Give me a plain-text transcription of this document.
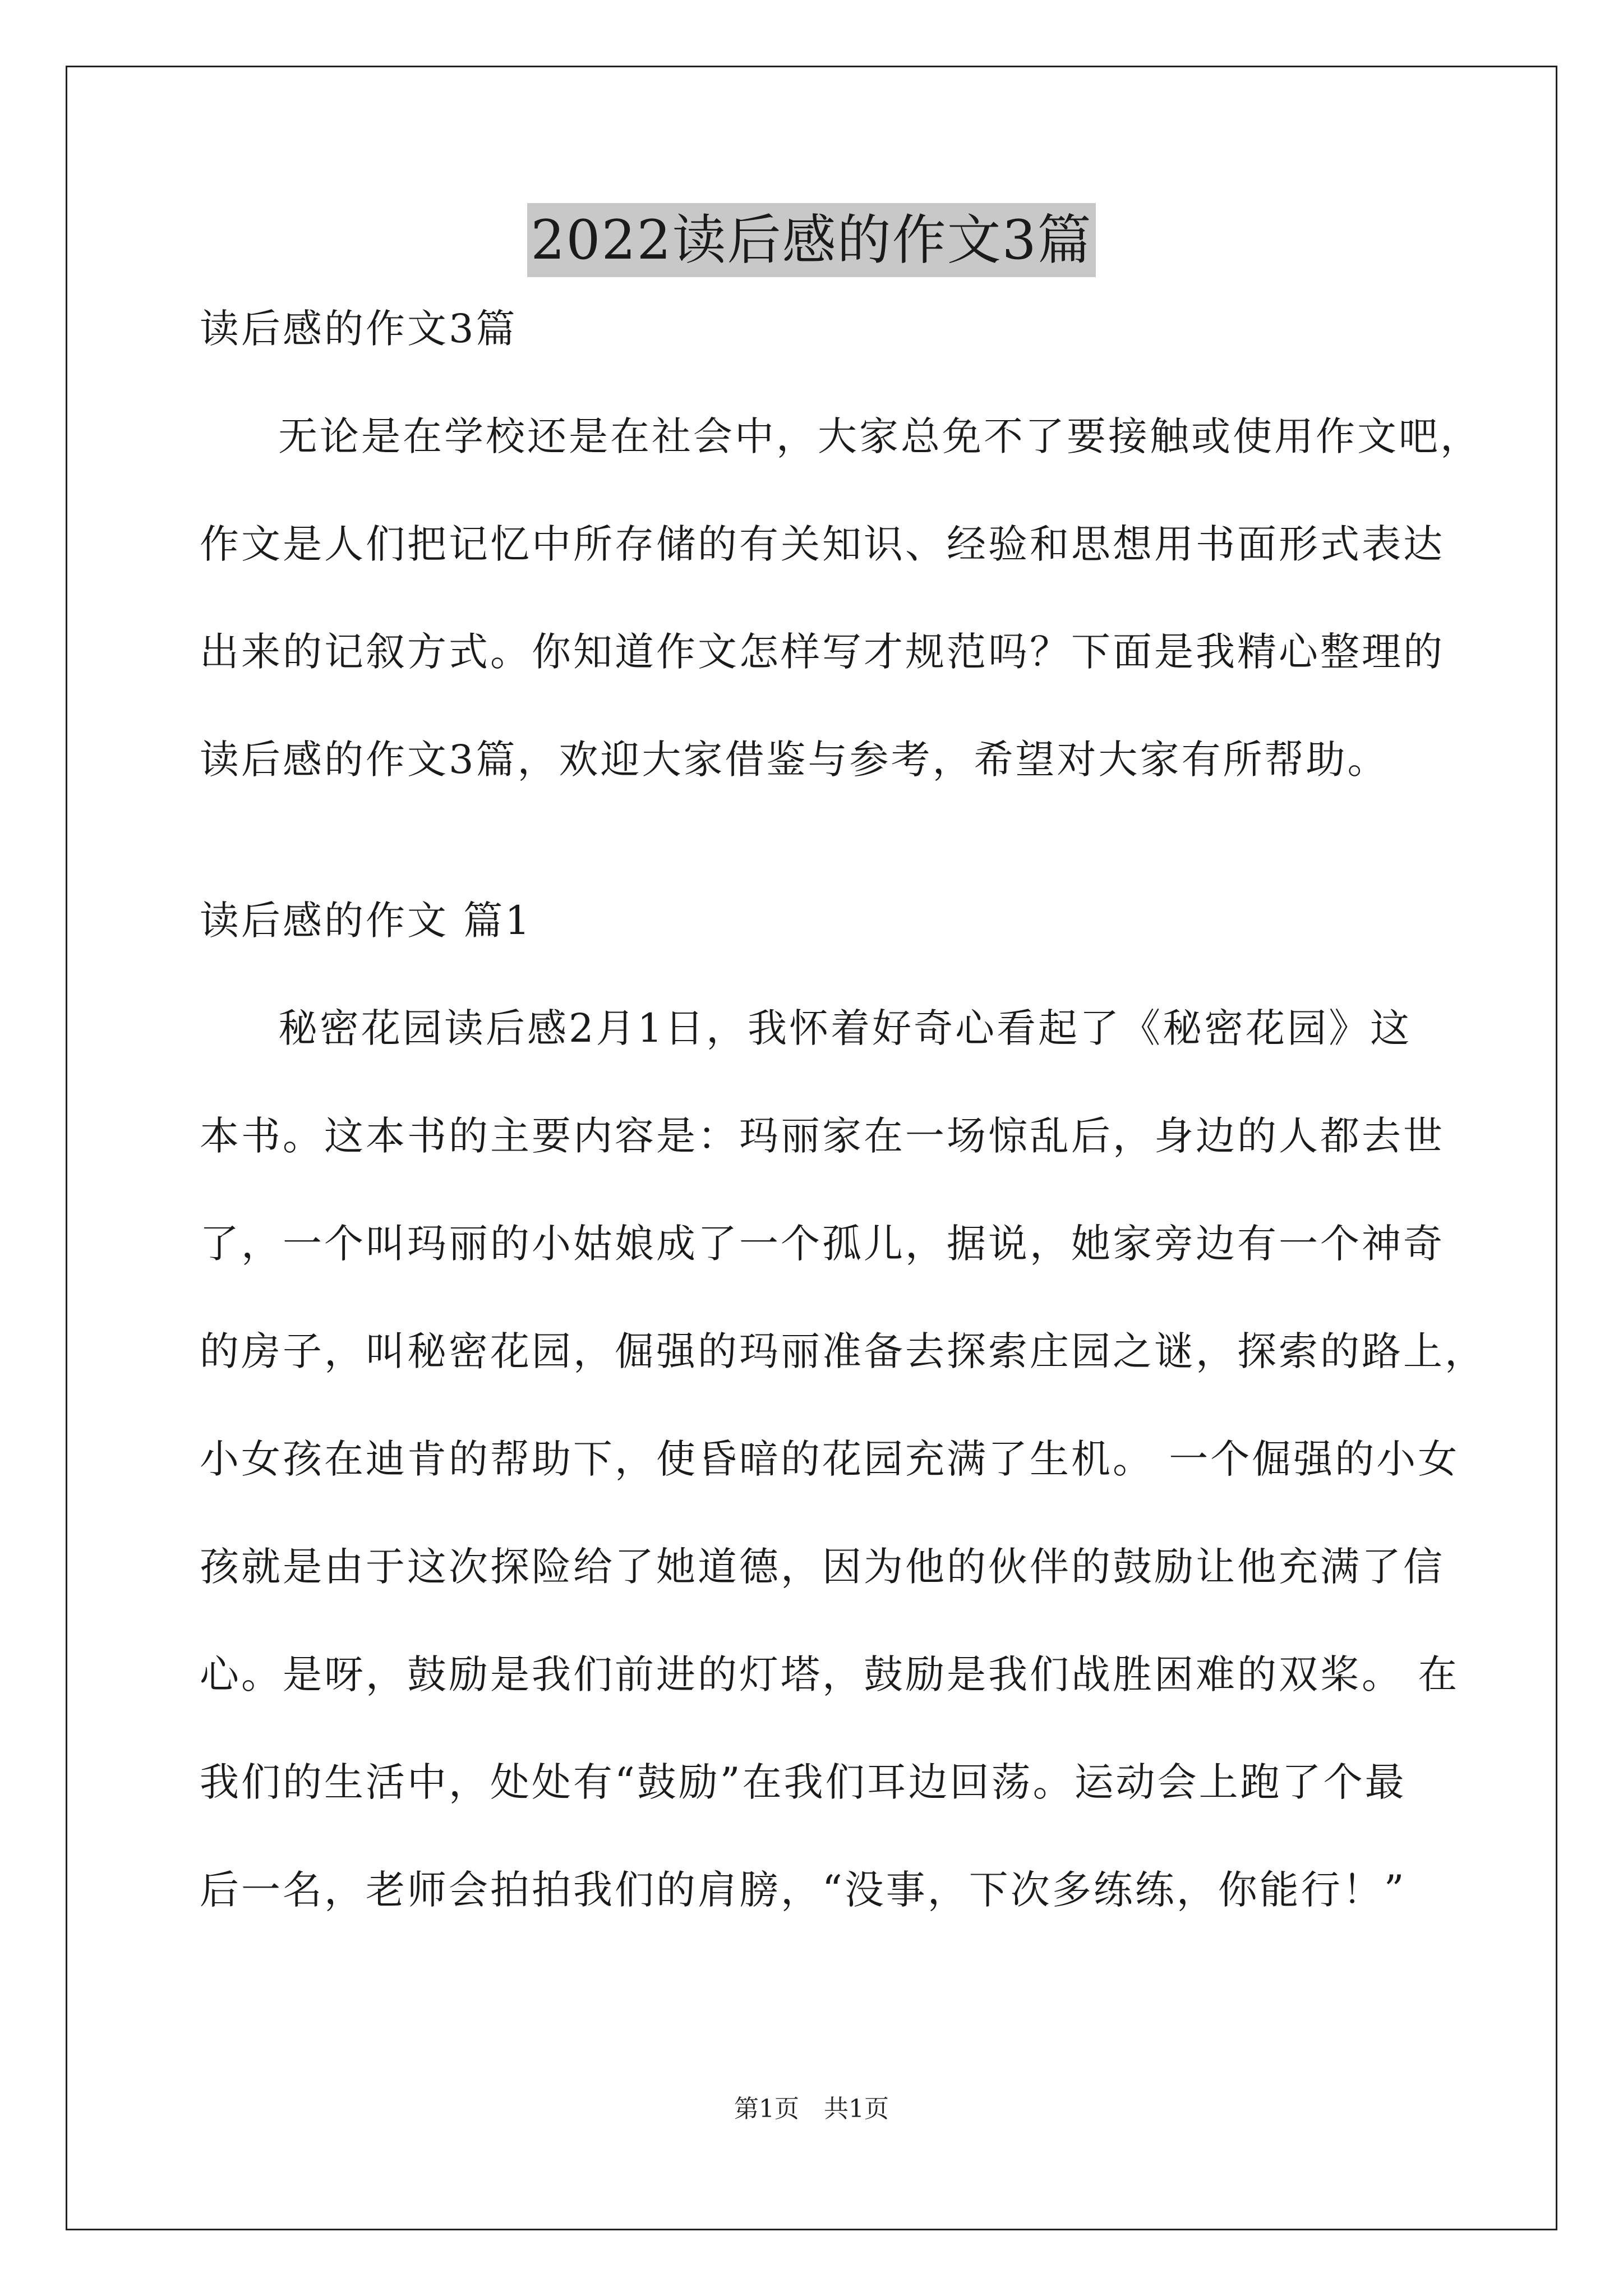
2022读后感的作文3篇
读后感的作文3篇
无论是在学校还是在社会中，大家总免不了要接触或使用作文吧，
作文是人们把记忆中所存储的有关知识、经验和思想用书面形式表达
出来的记叙方式。你知道作文怎样写才规范吗？下面是我精心整理的
读后感的作文3篇，欢迎大家借鉴与参考，希望对大家有所帮助。
读后感的作文 篇1
秘密花园读后感2月1日，我怀着好奇心看起了《秘密花园》这
本书。这本书的主要内容是：玛丽家在一场惊乱后，身边的人都去世
了，一个叫玛丽的小姑娘成了一个孤儿，据说，她家旁边有一个神奇
的房子，叫秘密花园，倔强的玛丽准备去探索庄园之谜，探索的路上，
小女孩在迪肯的帮助下，使昏暗的花园充满了生机。 一个倔强的小女
孩就是由于这次探险给了她道德，因为他的伙伴的鼓励让他充满了信
心。是呀，鼓励是我们前进的灯塔，鼓励是我们战胜困难的双桨。 在
我们的生活中，处处有“鼓励”在我们耳边回荡。运动会上跑了个最
后一名，老师会拍拍我们的肩膀，“没事，下次多练练，你能行！”
第1页　共1页
